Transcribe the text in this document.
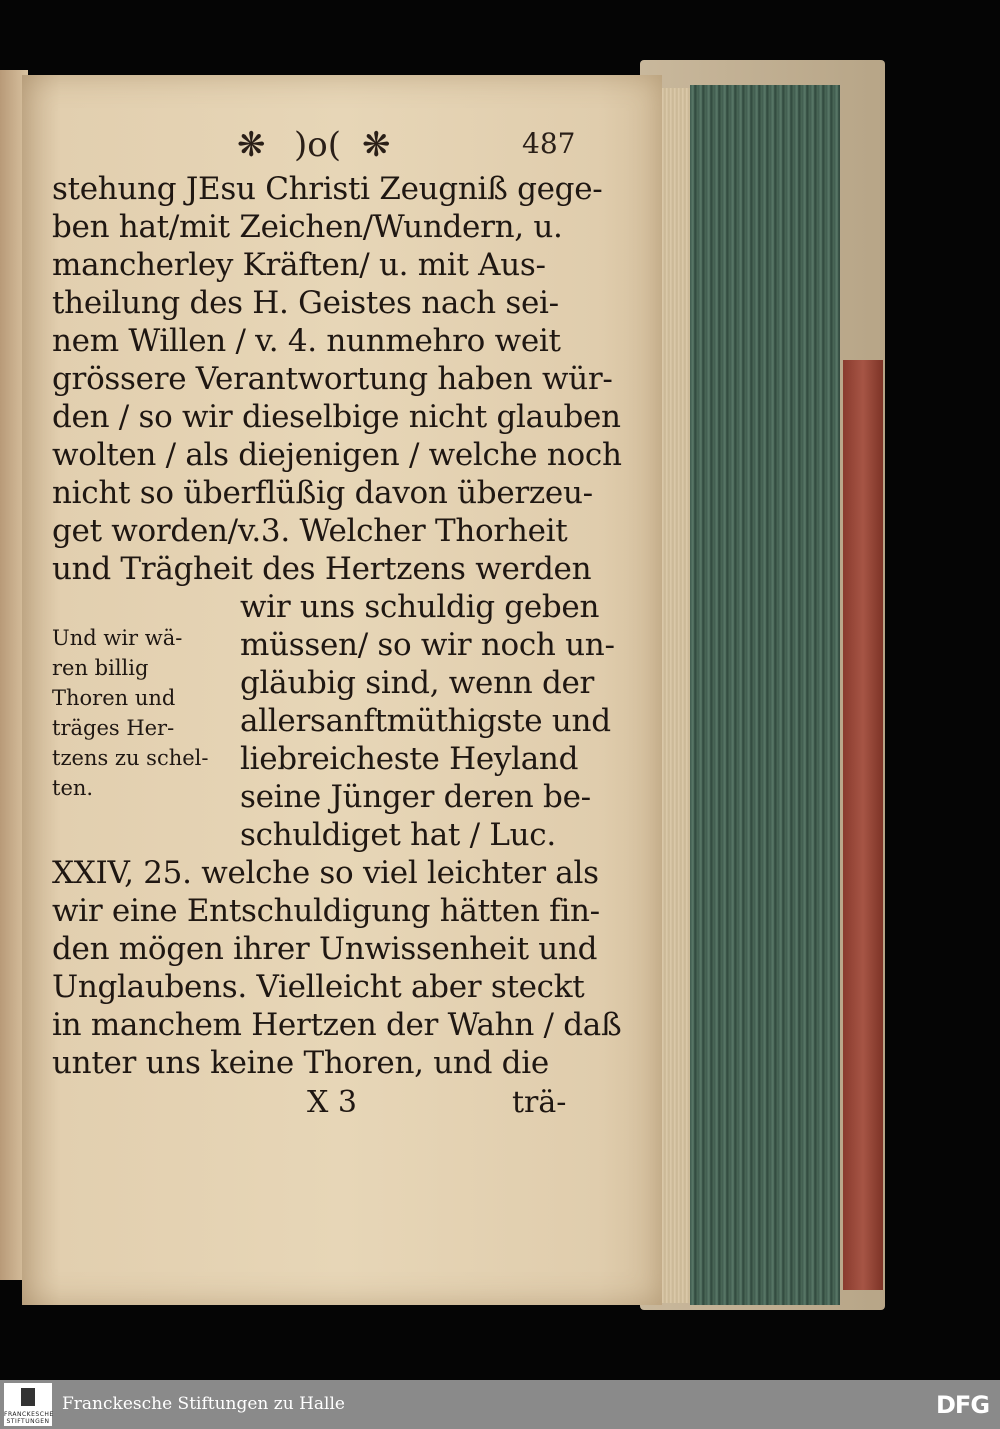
❋ )o( ❋	487
stehung JEsu Christi Zeugniß gege-
ben hat/mit Zeichen/Wundern, u.
mancherley Kräften/ u. mit Aus-
theilung des H. Geistes nach sei-
nem Willen / v. 4. nunmehro weit
grössere Verantwortung haben wür-
den / so wir dieselbige nicht glauben
wolten / als diejenigen / welche noch
nicht so überflüßig davon überzeu-
get worden/v.3. Welcher Thorheit
und Trägheit des Hertzens werden
wir uns schuldig geben
müssen/ so wir noch un-
gläubig sind, wenn der
allersanftmüthigste und
liebreicheste Heyland
seine Jünger deren be-
schuldiget hat / Luc.
Und wir wä-
ren billig
Thoren und
träges Her-
tzens zu schel-
ten.
XXIV, 25. welche so viel leichter als
wir eine Entschuldigung hätten fin-
den mögen ihrer Unwissenheit und
Unglaubens. Vielleicht aber steckt
in manchem Hertzen der Wahn / daß
unter uns keine Thoren, und die
X 3	trä-
FRANCKESCHE
STIFTUNGEN
Franckesche Stiftungen zu Halle	DFG
